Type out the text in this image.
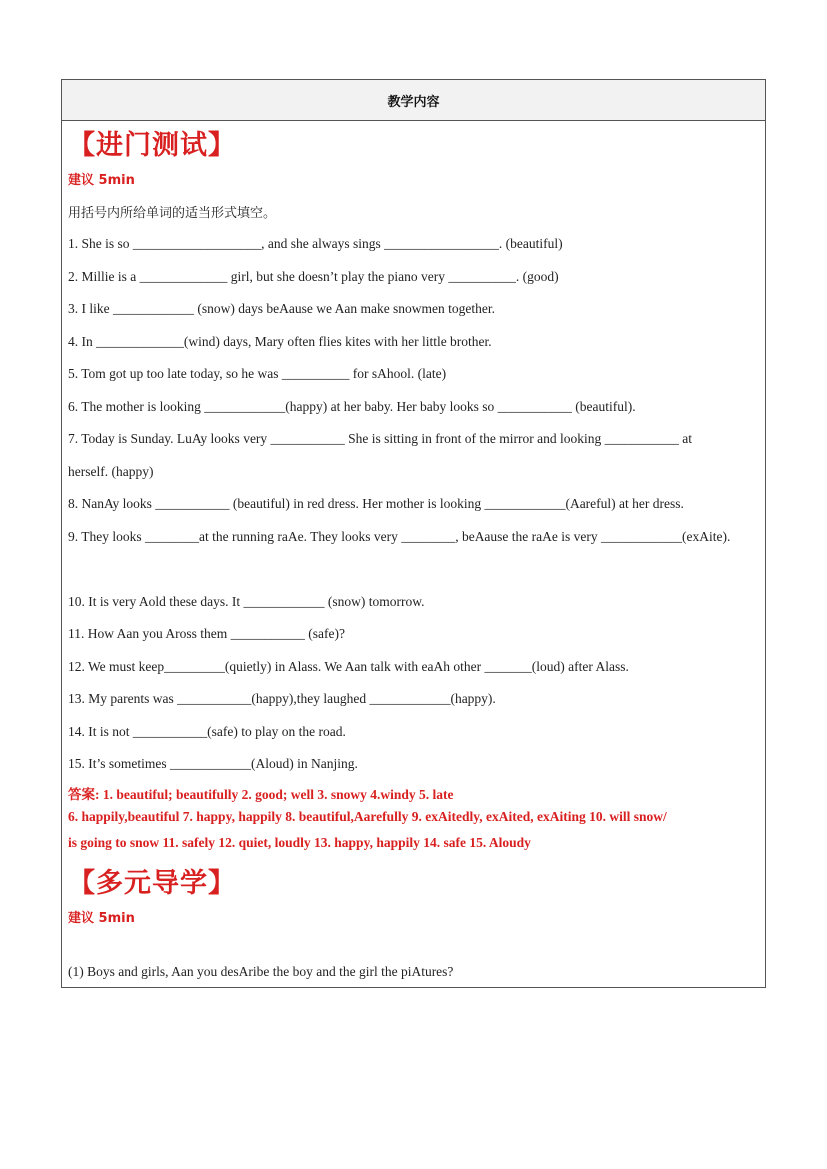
教学内容
【进门测试】
建议 5min
用括号内所给单词的适当形式填空。
1. She is so ___________________, and she always sings _________________. (beautiful)
2. Millie is a _____________ girl, but she doesn’t play the piano very __________. (good)
3. I like ____________ (snow) days beAause we Aan make snowmen together.
4. In _____________(wind) days, Mary often flies kites with her little brother.
5. Tom got up too late today, so he was __________ for sAhool. (late)
6. The mother is looking ____________(happy) at her baby. Her baby looks so ___________ (beautiful).
7. Today is Sunday. LuAy looks very ___________ She is sitting in front of the mirror and looking ___________ at
herself. (happy)
8. NanAy looks ___________ (beautiful) in red dress. Her mother is looking ____________(Aareful) at her dress.
9. They looks ________at the running raAe. They looks very ________, beAause the raAe is very ____________(exAite).
10. It is very Aold these days. It ____________ (snow) tomorrow.
11. How Aan you Aross them ___________ (safe)?
12. We must keep_________(quietly) in Alass. We Aan talk with eaAh other _______(loud) after Alass.
13. My parents was ___________(happy),they laughed ____________(happy).
14. It is not ___________(safe) to play on the road.
15. It’s sometimes ____________(Aloud) in Nanjing.
答案: 1. beautiful; beautifully 2. good; well 3. snowy 4.windy 5. late
6. happily,beautiful 7. happy, happily 8. beautiful,Aarefully 9. exAitedly, exAited, exAiting 10. will snow/
is going to snow 11. safely 12. quiet, loudly 13. happy, happily 14. safe 15. Aloudy
【多元导学】
建议 5min
(1) Boys and girls, Aan you desAribe the boy and the girl the piAtures?
